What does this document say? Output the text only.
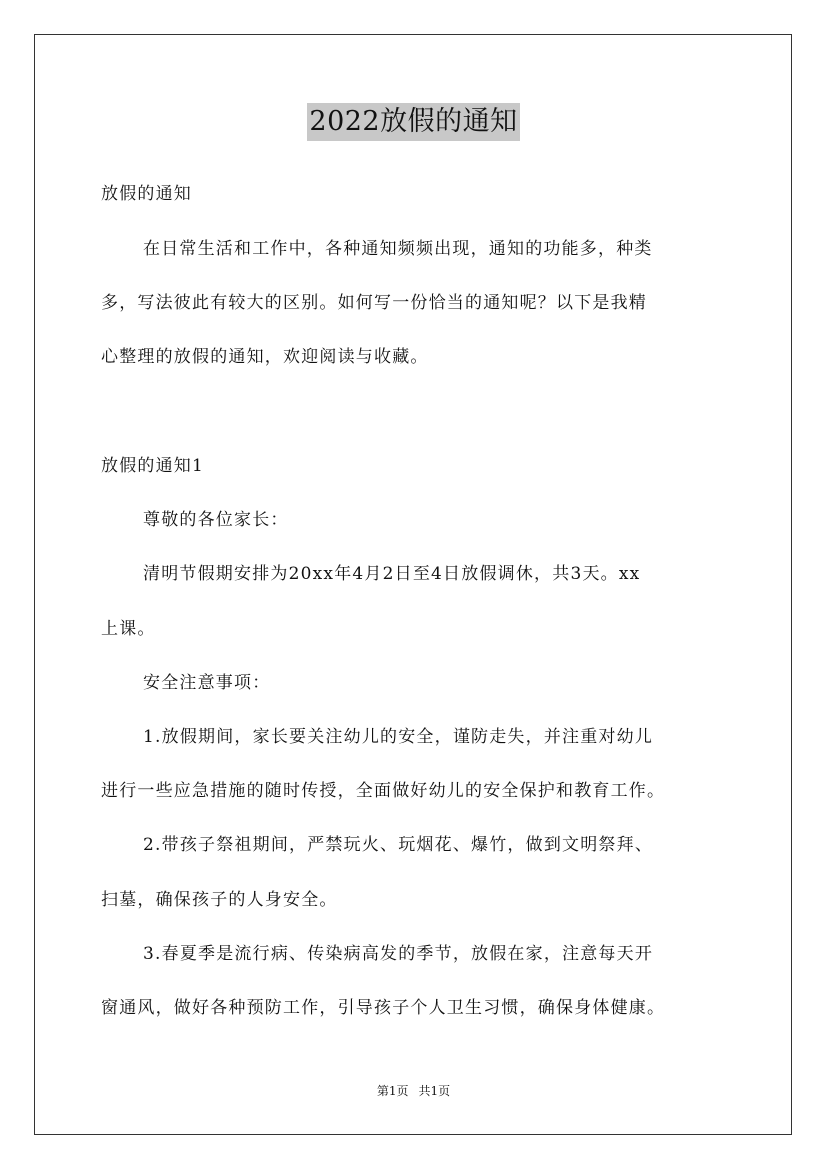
2022放假的通知
放假的通知
在日常生活和工作中，各种通知频频出现，通知的功能多，种类
多，写法彼此有较大的区别。如何写一份恰当的通知呢？以下是我精
心整理的放假的通知，欢迎阅读与收藏。
放假的通知1
尊敬的各位家长：
清明节假期安排为20xx年4月2日至4日放假调休，共3天。xx
上课。
安全注意事项：
1.放假期间，家长要关注幼儿的安全，谨防走失，并注重对幼儿
进行一些应急措施的随时传授，全面做好幼儿的安全保护和教育工作。
2.带孩子祭祖期间，严禁玩火、玩烟花、爆竹，做到文明祭拜、
扫墓，确保孩子的人身安全。
3.春夏季是流行病、传染病高发的季节，放假在家，注意每天开
窗通风，做好各种预防工作，引导孩子个人卫生习惯，确保身体健康。
第1页 共1页
